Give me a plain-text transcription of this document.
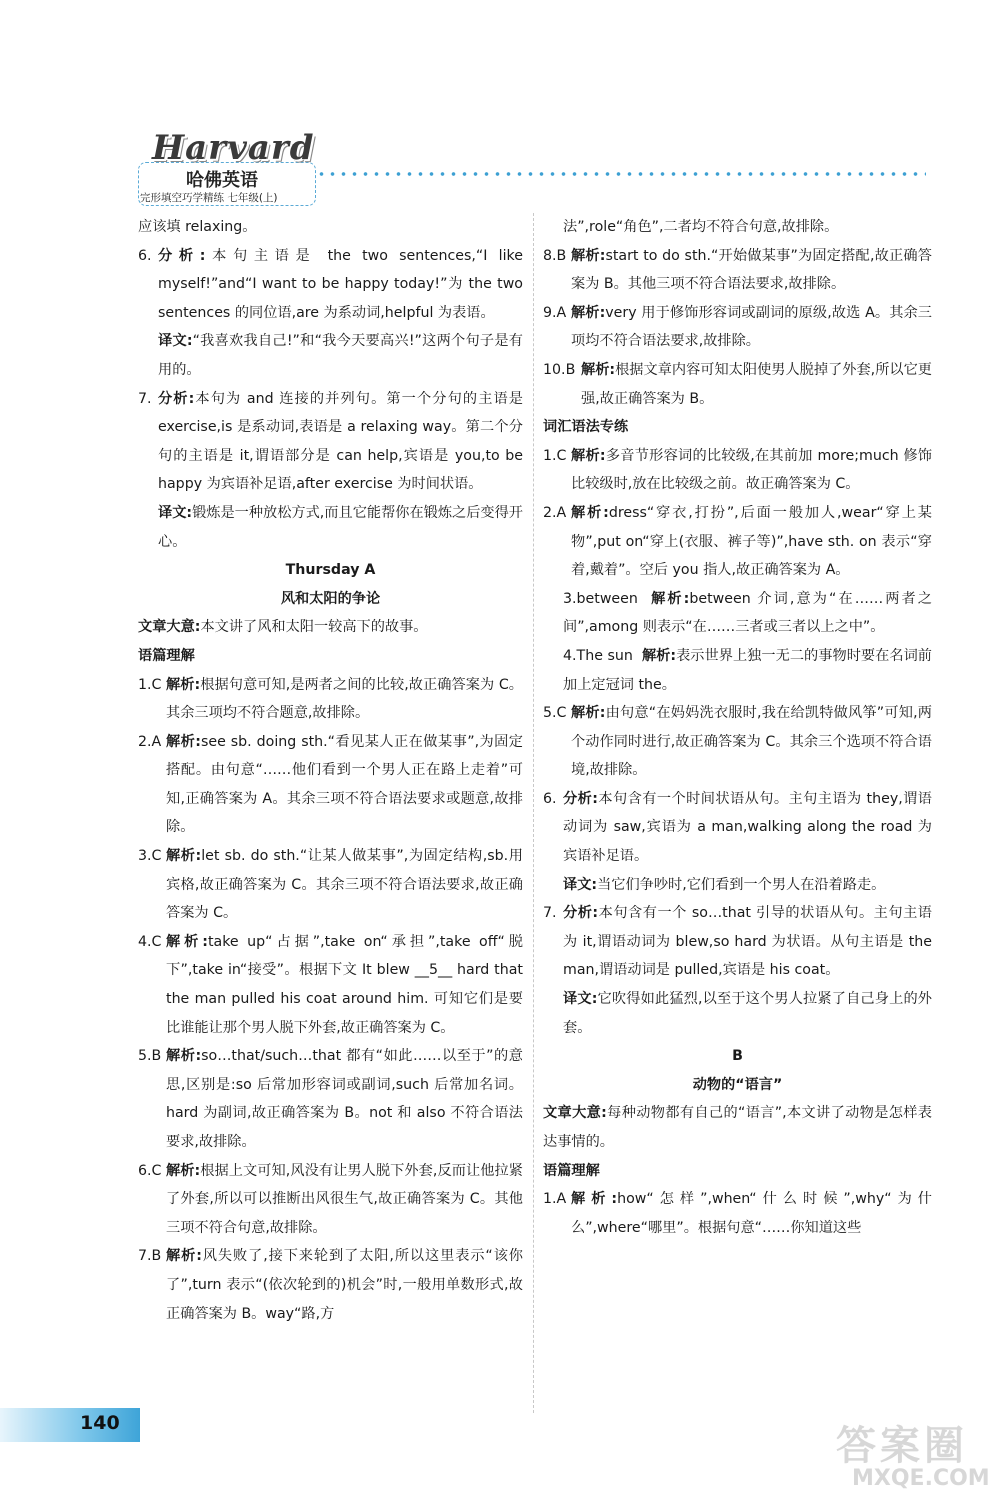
Harvard
哈佛英语
完形填空巧学精练 七年级(上)

应该填 relaxing。

6. 分析:本句主语是 the two sentences,“I like myself!”and“I want to be happy today!”为 the two sentences 的同位语,are 为系动词,helpful 为表语。

译文:“我喜欢我自己!”和“我今天要高兴!”这两个句子是有用的。

7. 分析:本句为 and 连接的并列句。第一个分句的主语是 exercise,is 是系动词,表语是 a relaxing way。第二个分句的主语是 it,谓语部分是 can help,宾语是 you,to be happy 为宾语补足语,after exercise 为时间状语。

译文:锻炼是一种放松方式,而且它能帮你在锻炼之后变得开心。

Thursday A

风和太阳的争论

文章大意:本文讲了风和太阳一较高下的故事。

语篇理解

1.C 解析:根据句意可知,是两者之间的比较,故正确答案为 C。其余三项均不符合题意,故排除。

2.A 解析:see sb. doing sth.“看见某人正在做某事”,为固定搭配。由句意“……他们看到一个男人正在路上走着”可知,正确答案为 A。其余三项不符合语法要求或题意,故排除。

3.C 解析:let sb. do sth.“让某人做某事”,为固定结构,sb.用宾格,故正确答案为 C。其余三项不符合语法要求,故正确答案为 C。

4.C 解析:take up“占据”,take on“承担”,take off“脱下”,take in“接受”。根据下文 It blew __5__ hard that the man pulled his coat around him. 可知它们是要比谁能让那个男人脱下外套,故正确答案为 C。

5.B 解析:so…that/such…that 都有“如此……以至于”的意思,区别是:so 后常加形容词或副词,such 后常加名词。hard 为副词,故正确答案为 B。not 和 also 不符合语法要求,故排除。

6.C 解析:根据上文可知,风没有让男人脱下外套,反而让他拉紧了外套,所以可以推断出风很生气,故正确答案为 C。其他三项不符合句意,故排除。

7.B 解析:风失败了,接下来轮到了太阳,所以这里表示“该你了”,turn 表示“(依次轮到的)机会”时,一般用单数形式,故正确答案为 B。way“路,方

法”,role“角色”,二者均不符合句意,故排除。

8.B 解析:start to do sth.“开始做某事”为固定搭配,故正确答案为 B。其他三项不符合语法要求,故排除。

9.A 解析:very 用于修饰形容词或副词的原级,故选 A。其余三项均不符合语法要求,故排除。

10.B 解析:根据文章内容可知太阳使男人脱掉了外套,所以它更强,故正确答案为 B。

词汇语法专练

1.C 解析:多音节形容词的比较级,在其前加 more;much 修饰比较级时,放在比较级之前。故正确答案为 C。

2.A 解析:dress“穿衣,打扮”,后面一般加人,wear“穿上某物”,put on“穿上(衣服、裤子等)”,have sth. on 表示“穿着,戴着”。空后 you 指人,故正确答案为 A。

3.between 解析:between 介词,意为“在……两者之间”,among 则表示“在……三者或三者以上之中”。

4.The sun 解析:表示世界上独一无二的事物时要在名词前加上定冠词 the。

5.C 解析:由句意“在妈妈洗衣服时,我在给凯特做风筝”可知,两个动作同时进行,故正确答案为 C。其余三个选项不符合语境,故排除。

6. 分析:本句含有一个时间状语从句。主句主语为 they,谓语动词为 saw,宾语为 a man,walking along the road 为宾语补足语。

译文:当它们争吵时,它们看到一个男人在沿着路走。

7. 分析:本句含有一个 so…that 引导的状语从句。主句主语为 it,谓语动词为 blew,so hard 为状语。从句主语是 the man,谓语动词是 pulled,宾语是 his coat。

译文:它吹得如此猛烈,以至于这个男人拉紧了自己身上的外套。

B

动物的“语言”

文章大意:每种动物都有自己的“语言”,本文讲了动物是怎样表达事情的。

语篇理解

1.A 解析:how“怎样”,when“什么时候”,why“为什么”,where“哪里”。根据句意“……你知道这些

140	答案圈
MXQE.COM
